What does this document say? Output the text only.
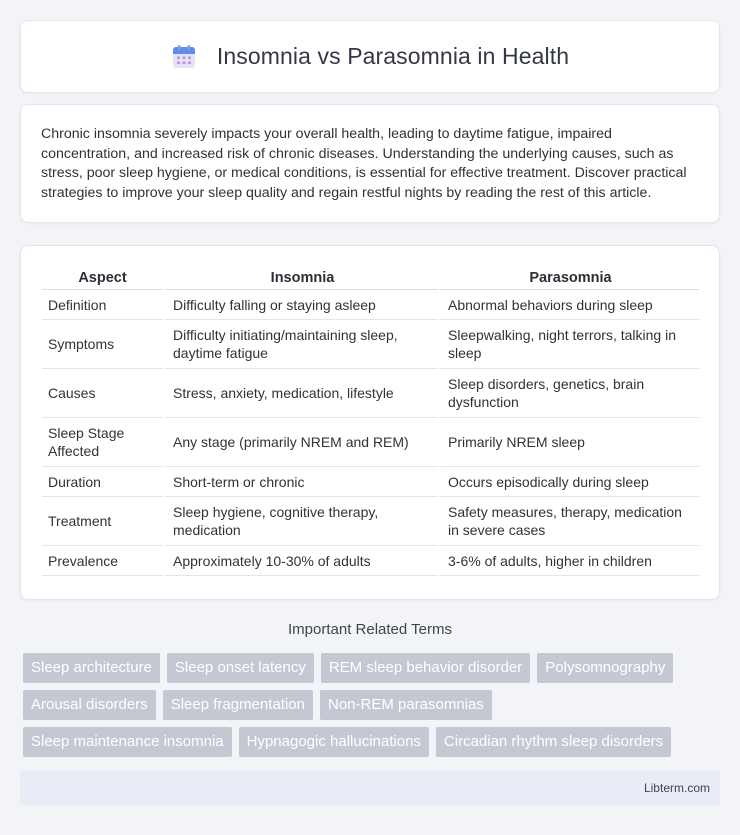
Insomnia vs Parasomnia in Health

Chronic insomnia severely impacts your overall health, leading to daytime fatigue, impaired concentration, and increased risk of chronic diseases. Understanding the underlying causes, such as stress, poor sleep hygiene, or medical conditions, is essential for effective treatment. Discover practical strategies to improve your sleep quality and regain restful nights by reading the rest of this article.

Aspect	Insomnia	Parasomnia
Definition	Difficulty falling or staying asleep	Abnormal behaviors during sleep
Symptoms	Difficulty initiating/maintaining sleep, daytime fatigue	Sleepwalking, night terrors, talking in sleep
Causes	Stress, anxiety, medication, lifestyle	Sleep disorders, genetics, brain dysfunction
Sleep Stage Affected	Any stage (primarily NREM and REM)	Primarily NREM sleep
Duration	Short-term or chronic	Occurs episodically during sleep
Treatment	Sleep hygiene, cognitive therapy, medication	Safety measures, therapy, medication in severe cases
Prevalence	Approximately 10-30% of adults	3-6% of adults, higher in children
Important Related Terms
Sleep architecture	Sleep onset latency	REM sleep behavior disorder	Polysomnography
Arousal disorders	Sleep fragmentation	Non-REM parasomnias
Sleep maintenance insomnia	Hypnagogic hallucinations	Circadian rhythm sleep disorders
Libterm.com
